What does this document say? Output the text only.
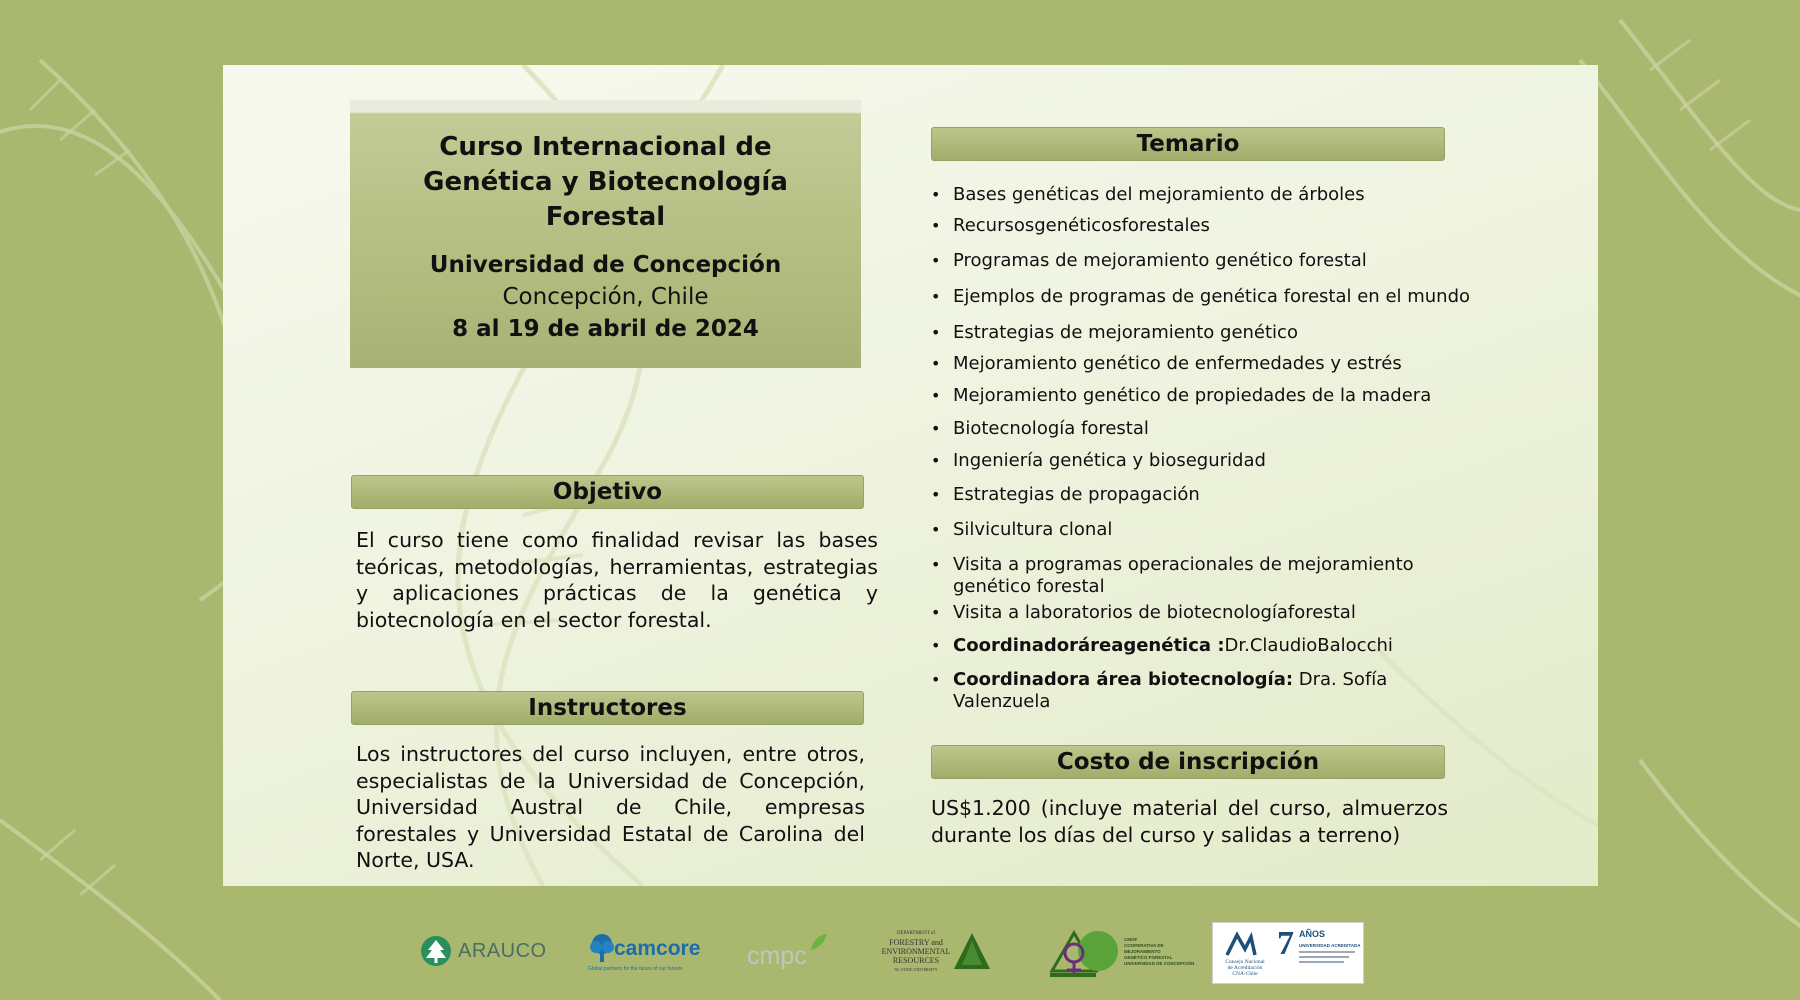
Curso Internacional de Genética y Biotecnología Forestal
Universidad de Concepción
Concepción, Chile
8 al 19 de abril de 2024
Objetivo
El curso tiene como finalidad revisar las bases teóricas, metodologías, herramientas, estrategias y aplicaciones prácticas de la genética y biotecnología en el sector forestal.
Instructores
Los instructores del curso incluyen, entre otros, especialistas de la Universidad de Concepción, Universidad Austral de Chile, empresas forestales y Universidad Estatal de Carolina del Norte, USA.
Temario
• Bases genéticas del mejoramiento de árboles
• Recursosgenéticosforestales
• Programas de mejoramiento genético forestal
• Ejemplos de programas de genética forestal en el mundo
• Estrategias de mejoramiento genético
• Mejoramiento genético de enfermedades y estrés
• Mejoramiento genético de propiedades de la madera
• Biotecnología forestal
• Ingeniería genética y bioseguridad
• Estrategias de propagación
• Silvicultura clonal
• Visita a programas operacionales de mejoramiento genético forestal
• Visita a laboratorios de biotecnologíaforestal
• Coordinadoráreagenética :Dr.ClaudioBalocchi
• Coordinadora área biotecnología: Dra. Sofía Valenzuela
Costo de inscripción
US$1.200 (incluye material del curso, almuerzos durante los días del curso y salidas a terreno)
ARAUCO	camcore
Global partners for the future of our forests	cmpc
DEPARTMENT of
FORESTRY and
ENVIRONMENTAL
RESOURCES
NC STATE UNIVERSITY
CMGF
COOPERATIVA DE
MEJORAMIENTO
GENÉTICO FORESTAL
UNIVERSIDAD DE CONCEPCIÓN	Consejo Nacional
de Acreditación
CNA-Chile
7 AÑOS
UNIVERSIDAD ACREDITADA
